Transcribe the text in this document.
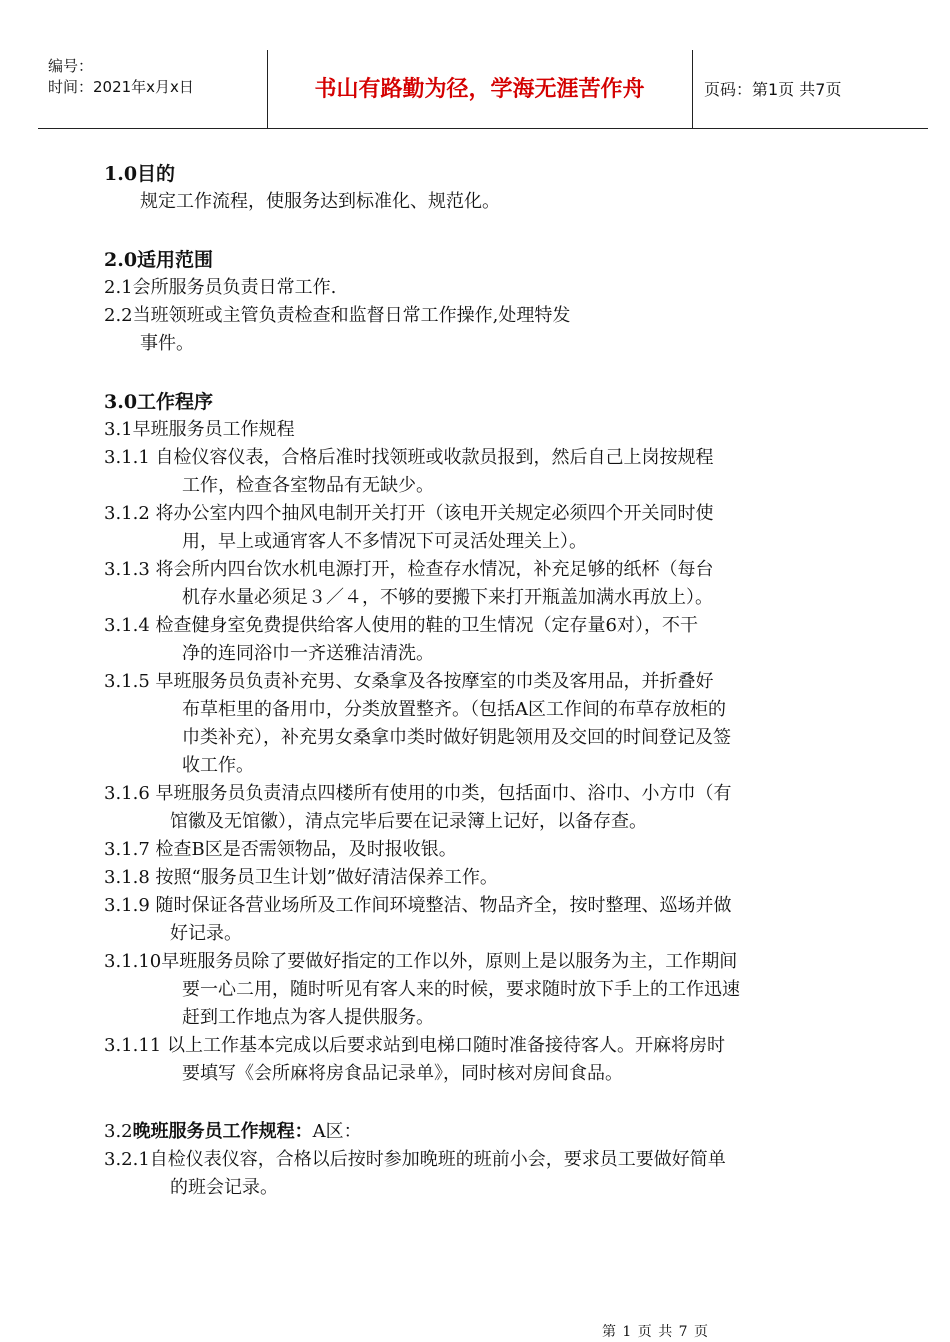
编号：
时间：2021年x月x日	书山有路勤为径，学海无涯苦作舟	页码：第1页 共7页
1.0目的
规定工作流程，使服务达到标准化、规范化。
2.0适用范围
2.1会所服务员负责日常工作.
2.2当班领班或主管负责检查和监督日常工作操作,处理特发
事件。
3.0工作程序
3.1早班服务员工作规程
3.1.1 自检仪容仪表，合格后准时找领班或收款员报到，然后自己上岗按规程
工作，检查各室物品有无缺少。
3.1.2 将办公室内四个抽风电制开关打开（该电开关规定必须四个开关同时使
用，早上或通宵客人不多情况下可灵活处理关上）。
3.1.3 将会所内四台饮水机电源打开，检查存水情况，补充足够的纸杯（每台
机存水量必须足３／４，不够的要搬下来打开瓶盖加满水再放上）。
3.1.4 检查健身室免费提供给客人使用的鞋的卫生情况（定存量6对），不干
净的连同浴巾一齐送雅洁清洗。
3.1.5 早班服务员负责补充男、女桑拿及各按摩室的巾类及客用品，并折叠好
布草柜里的备用巾，分类放置整齐。（包括A区工作间的布草存放柜的
巾类补充），补充男女桑拿巾类时做好钥匙领用及交回的时间登记及签
收工作。
3.1.6 早班服务员负责清点四楼所有使用的巾类，包括面巾、浴巾、小方巾（有
馆徽及无馆徽），清点完毕后要在记录簿上记好，以备存查。
3.1.7 检查B区是否需领物品，及时报收银。
3.1.8 按照“服务员卫生计划”做好清洁保养工作。
3.1.9 随时保证各营业场所及工作间环境整洁、物品齐全，按时整理、巡场并做
好记录。
3.1.10早班服务员除了要做好指定的工作以外，原则上是以服务为主，工作期间
要一心二用，随时听见有客人来的时候，要求随时放下手上的工作迅速
赶到工作地点为客人提供服务。
3.1.11 以上工作基本完成以后要求站到电梯口随时准备接待客人。开麻将房时
要填写《会所麻将房食品记录单》，同时核对房间食品。
3.2晚班服务员工作规程：A区：
3.2.1自检仪表仪容，合格以后按时参加晚班的班前小会，要求员工要做好简单
的班会记录。
第 1 页 共 7 页
